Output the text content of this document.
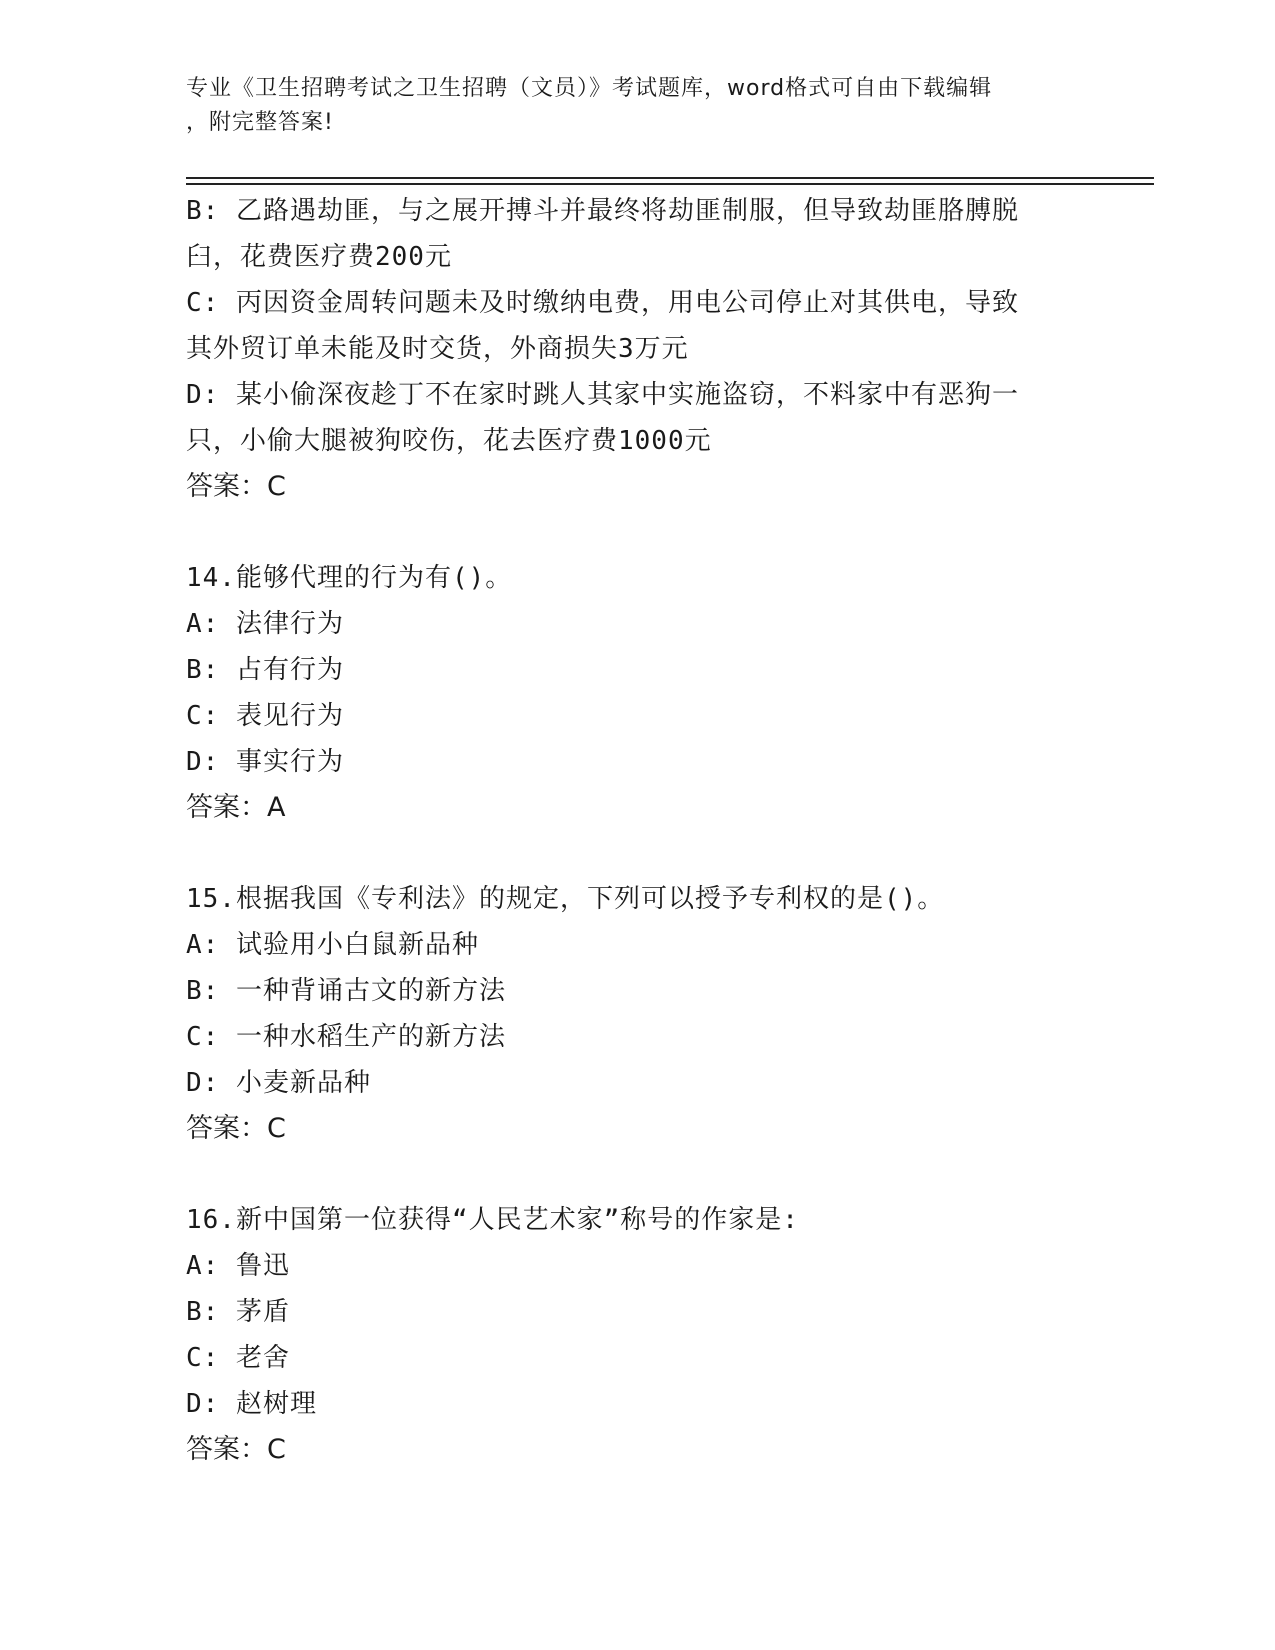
专业《卫生招聘考试之卫生招聘（文员）》考试题库，word格式可自由下载编辑
，附完整答案!
B: 乙路遇劫匪，与之展开搏斗并最终将劫匪制服，但导致劫匪胳膊脱
臼，花费医疗费200元
C: 丙因资金周转问题未及时缴纳电费，用电公司停止对其供电，导致
其外贸订单未能及时交货，外商损失3万元
D: 某小偷深夜趁丁不在家时跳人其家中实施盗窃，不料家中有恶狗一
只，小偷大腿被狗咬伤，花去医疗费1000元
答案：C
14.能够代理的行为有()。
A: 法律行为
B: 占有行为
C: 表见行为
D: 事实行为
答案：A
15.根据我国《专利法》的规定，下列可以授予专利权的是()。
A: 试验用小白鼠新品种
B: 一种背诵古文的新方法
C: 一种水稻生产的新方法
D: 小麦新品种
答案：C
16.新中国第一位获得“人民艺术家”称号的作家是:
A: 鲁迅
B: 茅盾
C: 老舍
D: 赵树理
答案：C
